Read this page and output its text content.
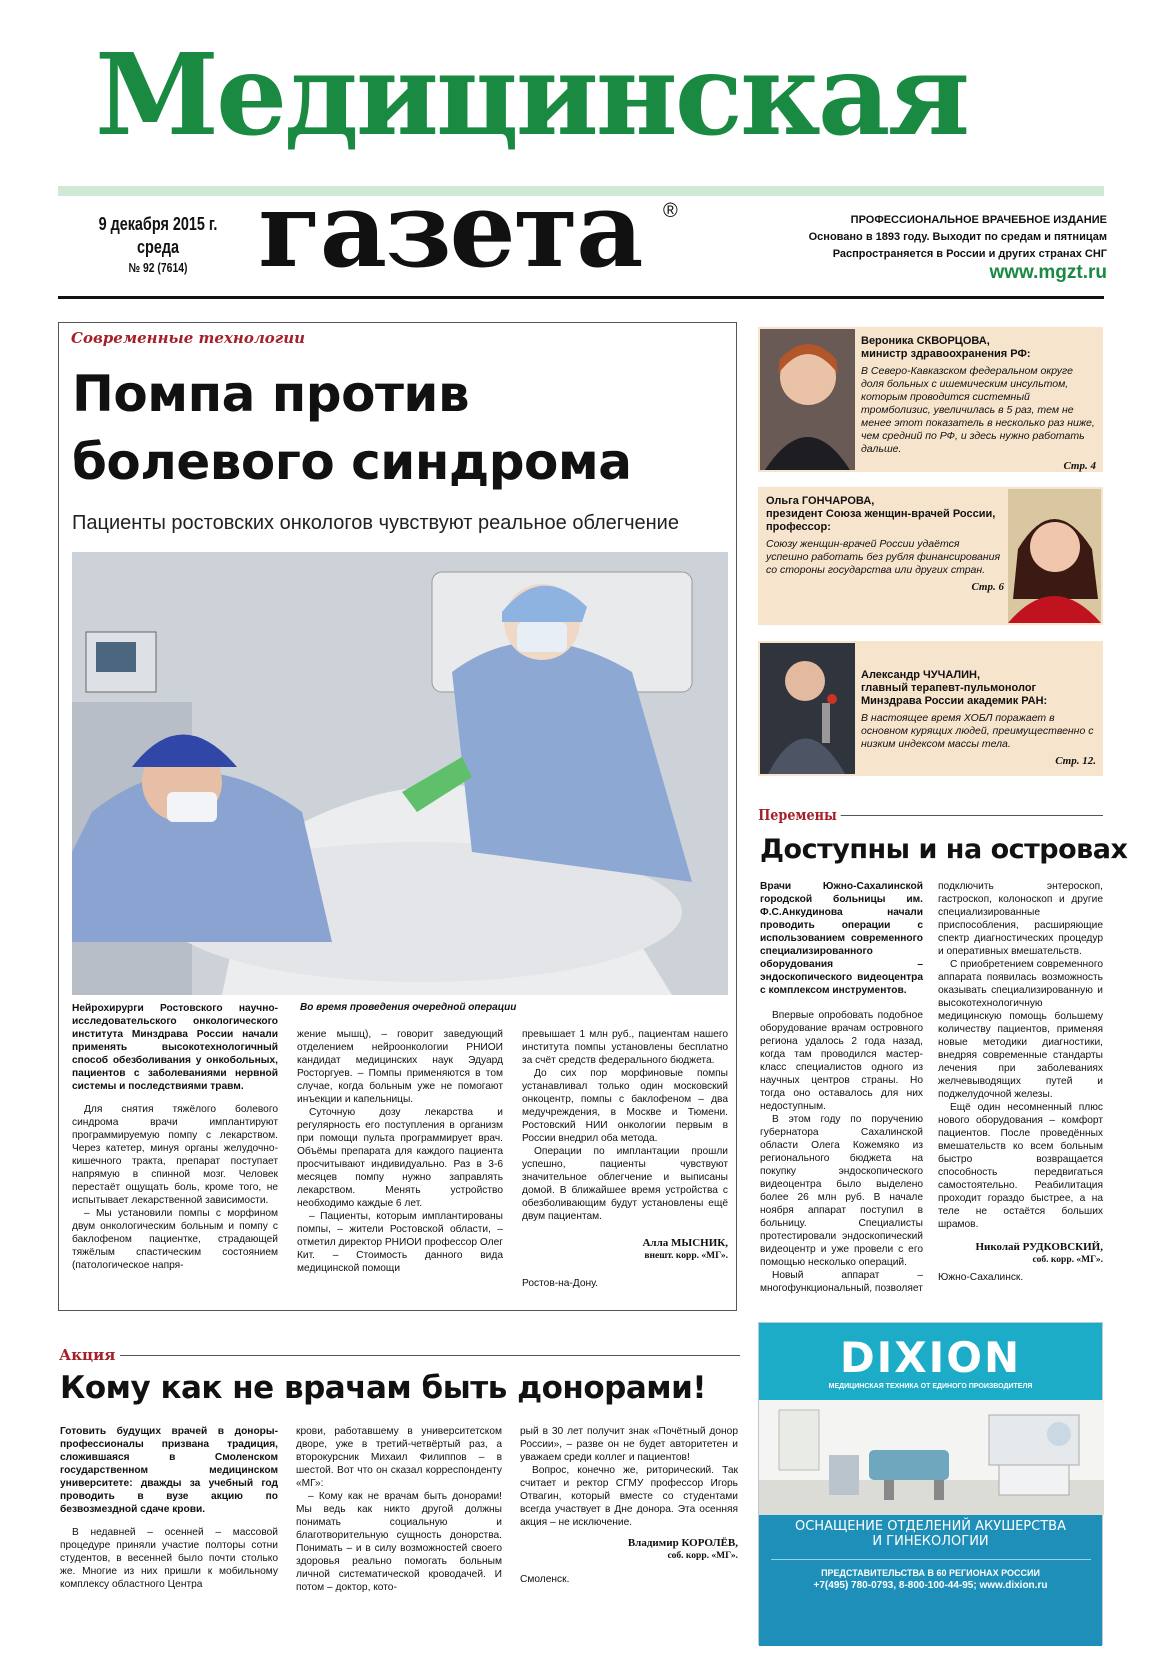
Медицинская
газета ®
9 декабря 2015 г.
среда
№ 92 (7614)
ПРОФЕССИОНАЛЬНОЕ ВРАЧЕБНОЕ ИЗДАНИЕ
Основано в 1893 году. Выходит по средам и пятницам
Распространяется в России и других странах СНГ
www.mgzt.ru
Современные технологии
Помпа против
болевого синдрома
Пациенты ростовских онкологов чувствуют реальное облегчение
Во время проведения очередной операции

Нейрохирурги Ростовского научно-исследовательского онкологического института Минздрава России начали применять высокотехнологичный способ обезболивания у онкобольных, пациентов с заболеваниями нервной системы и последствиями травм.

Для снятия тяжёлого болевого синдрома врачи имплантируют программируемую помпу с лекарством. Через катетер, минуя органы желудочно-кишечного тракта, препарат поступает напрямую в спинной мозг. Человек перестаёт ощущать боль, кроме того, не испытывает лекарственной зависимости.

– Мы установили помпы с морфином двум онкологическим больным и помпу с баклофеном пациентке, страдающей тяжёлым спастическим состоянием (патологическое напря-

жение мышц), – говорит заведующий отделением нейроонкологии РНИОИ кандидат медицинских наук Эдуард Росторгуев. – Помпы применяются в том случае, когда больным уже не помогают инъекции и капельницы.

Суточную дозу лекарства и регулярность его поступления в организм при помощи пульта программирует врач. Объёмы препарата для каждого пациента просчитывают индивидуально. Раз в 3-6 месяцев помпу нужно заправлять лекарством. Менять устройство необходимо каждые 6 лет.

– Пациенты, которым имплантированы помпы, – жители Ростовской области, – отметил директор РНИОИ профессор Олег Кит. – Стоимость данного вида медицинской помощи

превышает 1 млн руб., пациентам нашего института помпы установлены бесплатно за счёт средств федерального бюджета.

До сих пор морфиновые помпы устанавливал только один московский онкоцентр, помпы с баклофеном – два медучреждения, в Москве и Тюмени. Ростовский НИИ онкологии первым в России внедрил оба метода.

Операции по имплантации прошли успешно, пациенты чувствуют значительное облегчение и выписаны домой. В ближайшее время устройства с обезболивающим будут установлены ещё двум пациентам.

Алла МЫСНИК,
внешт. корр. «МГ».
Ростов-на-Дону.
Вероника СКВОРЦОВА,
министр здравоохранения РФ:
В Северо-Кавказском федеральном округе доля больных с ишемическим инсультом, которым проводится системный тромболизис, увеличилась в 5 раз, тем не менее этот показатель в несколько раз ниже, чем средний по РФ, и здесь нужно работать дальше.
Стр. 4
Ольга ГОНЧАРОВА,
президент Союза женщин-врачей России, профессор:
Союзу женщин-врачей России удаётся успешно работать без рубля финансирования со стороны государства или других стран.
Стр. 6
Александр ЧУЧАЛИН,
главный терапевт-пульмонолог Минздрава России академик РАН:
В настоящее время ХОБЛ поражает в основном курящих людей, преимущественно с низким индексом массы тела.
Стр. 12.
Перемены
Доступны и на островах

Врачи Южно-Сахалинской городской больницы им. Ф.С.Анкудинова начали проводить операции с использованием современного специализированного оборудования – эндоскопического видеоцентра с комплексом инструментов.

Впервые опробовать подобное оборудование врачам островного региона удалось 2 года назад, когда там проводился мастер-класс специалистов одного из научных центров страны. Но тогда оно оставалось для них недоступным.

В этом году по поручению губернатора Сахалинской области Олега Кожемяко из регионального бюджета на покупку эндоскопического видеоцентра было выделено более 26 млн руб. В начале ноября аппарат поступил в больницу. Специалисты протестировали эндоскопический видеоцентр и уже провели с его помощью несколько операций.

Новый аппарат – многофункциональный, позволяет

подключить энтероскоп, гастроскоп, колоноскоп и другие специализированные приспособления, расширяющие спектр диагностических процедур и оперативных вмешательств.

С приобретением современного аппарата появилась возможность оказывать специализированную и высокотехнологичную медицинскую помощь большему количеству пациентов, применяя новые методики диагностики, внедряя современные стандарты лечения при заболеваниях желчевыводящих путей и поджелудочной железы.

Ещё один несомненный плюс нового оборудования – комфорт пациентов. После проведённых вмешательств ко всем больным быстро возвращается способность передвигаться самостоятельно. Реабилитация проходит гораздо быстрее, а на теле не остаётся больших шрамов.

Николай РУДКОВСКИЙ,
соб. корр. «МГ».
Южно-Сахалинск.
Акция
Кому как не врачам быть донорами!

Готовить будущих врачей в доноры-профессионалы призвана традиция, сложившаяся в Смоленском государственном медицинском университете: дважды за учебный год проводить в вузе акцию по безвозмездной сдаче крови.

В недавней – осенней – массовой процедуре приняли участие полторы сотни студентов, в весенней было почти столько же. Многие из них пришли к мобильному комплексу областного Центра

крови, работавшему в университетском дворе, уже в третий-четвёртый раз, а второкурсник Михаил Филиппов – в шестой. Вот что он сказал корреспонденту «МГ»:

– Кому как не врачам быть донорами! Мы ведь как никто другой должны понимать социальную и благотворительную сущность донорства. Понимать – и в силу возможностей своего здоровья реально помогать больным личной систематической кроводачей. И потом – доктор, кото-

рый в 30 лет получит знак «Почётный донор России», – разве он не будет авторитетен и уважаем среди коллег и пациентов!

Вопрос, конечно же, риторический. Так считает и ректор СГМУ профессор Игорь Отвагин, который вместе со студентами всегда участвует в Дне донора. Эта осенняя акция – не исключение.

Владимир КОРОЛЁВ,
соб. корр. «МГ».
Смоленск.
DIXION
МЕДИЦИНСКАЯ ТЕХНИКА ОТ ЕДИНОГО ПРОИЗВОДИТЕЛЯ
ОСНАЩЕНИЕ ОТДЕЛЕНИЙ АКУШЕРСТВА
И ГИНЕКОЛОГИИ
ПРЕДСТАВИТЕЛЬСТВА В 60 РЕГИОНАХ РОССИИ
+7(495) 780-0793, 8-800-100-44-95; www.dixion.ru
